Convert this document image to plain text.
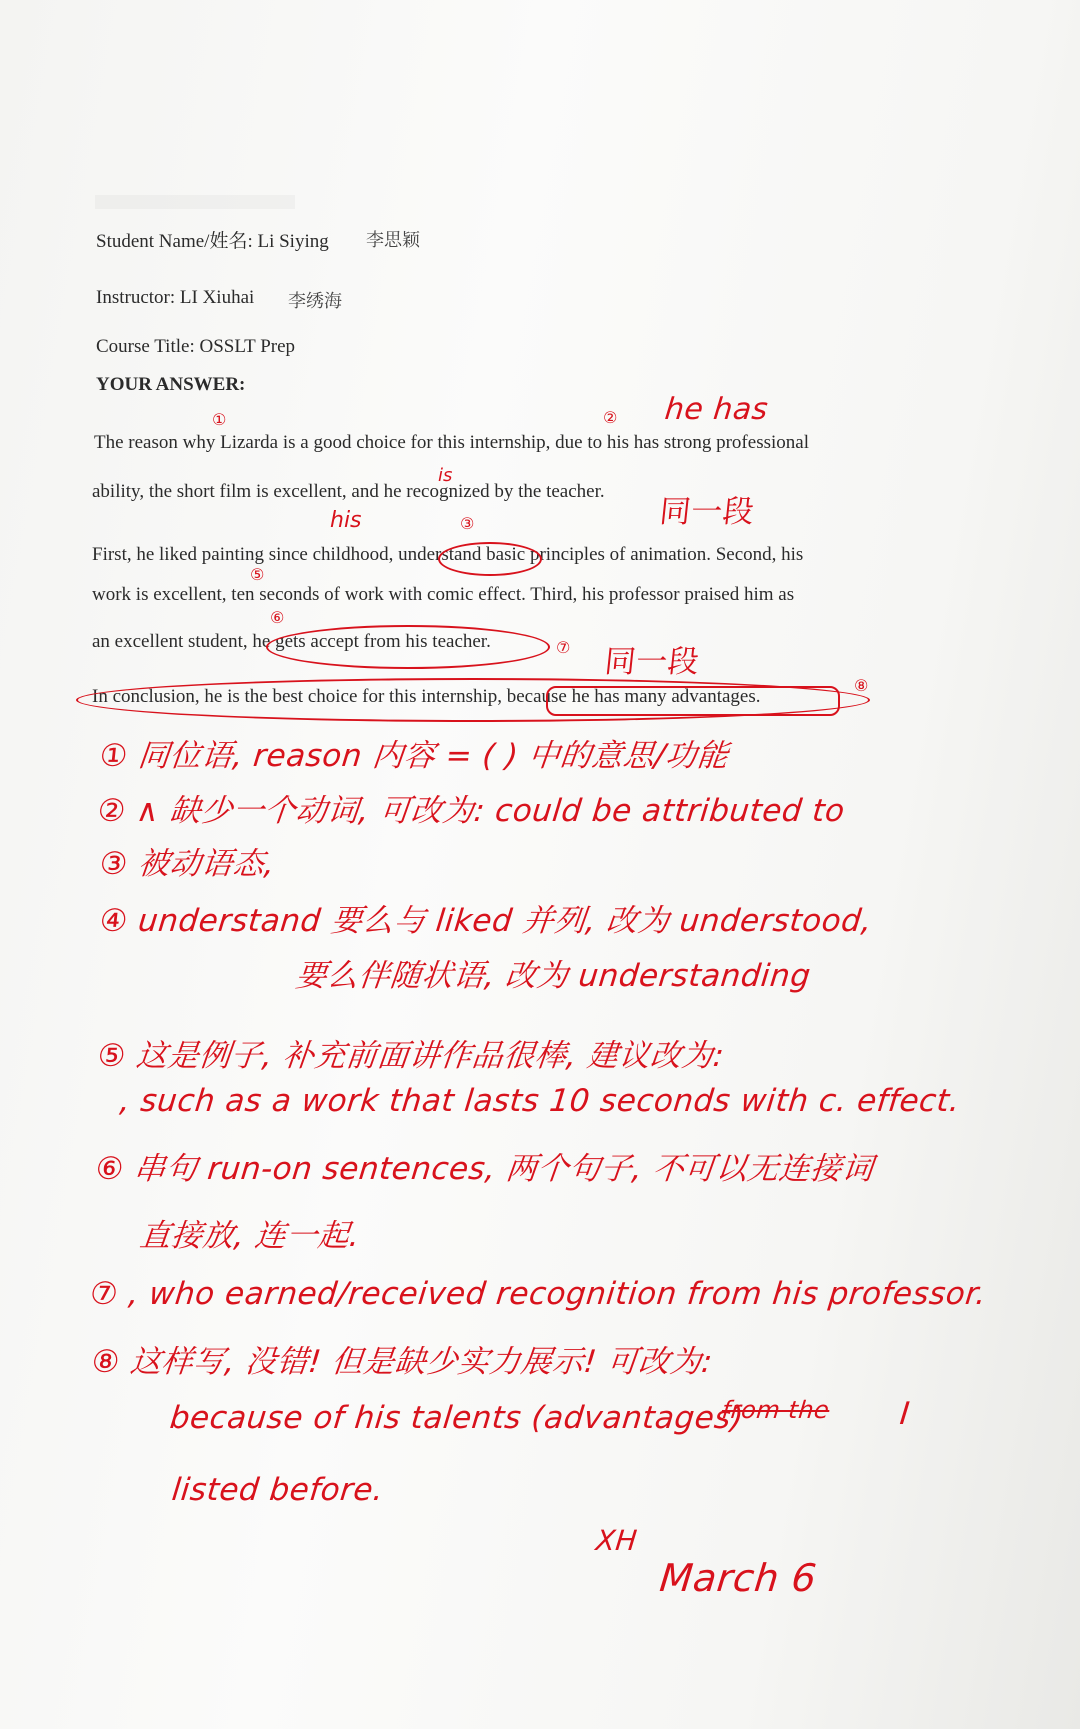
Student Name/姓名: Li Siying 李思颖
Instructor: LI Xiuhai 李绣海
Course Title: OSSLT Prep
YOUR ANSWER:
The reason why Lizarda is a good choice for this internship, due to his has strong professional
ability, the short film is excellent, and he recognized by the teacher.
First, he liked painting since childhood, understand basic principles of animation. Second, his
work is excellent, ten seconds of work with comic effect. Third, his professor praised him as
an excellent student, he gets accept from his teacher.
In conclusion, he is the best choice for this internship, because he has many advantages.
he has
is
his	同一段
同一段
①	②
③
⑤
⑥
⑦
⑧
① 同位语, reason 内容 = ( ) 中的意思/功能
② ∧ 缺少一个动词, 可改为: could be attributed to
③ 被动语态,
④ understand 要么与 liked 并列, 改为 understood,
要么伴随状语, 改为 understanding
⑤ 这是例子, 补充前面讲作品很棒, 建议改为:
, such as a work that lasts 10 seconds with c. effect.
⑥ 串句 run-on sentences, 两个句子, 不可以无连接词
直接放, 连一起.
⑦ , who earned/received recognition from his professor.
⑧ 这样写, 没错! 但是缺少实力展示! 可改为:
because of his talents (advantages)
from the I
listed before.
XH
March 6
